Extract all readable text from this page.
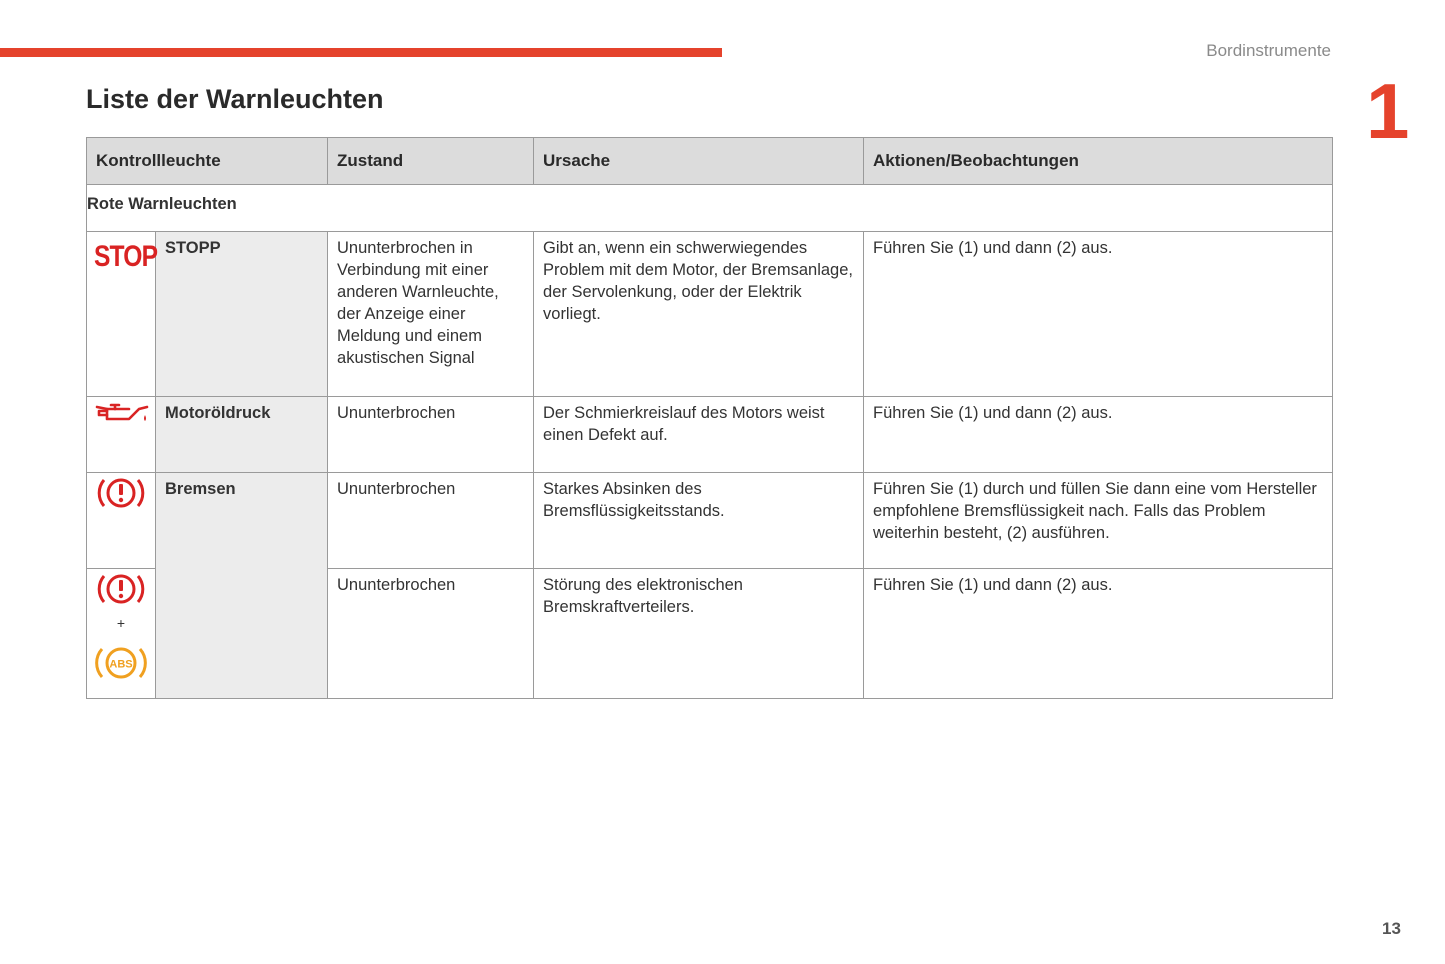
Bordinstrumente
1
Liste der Warnleuchten
Kontrollleuchte		Zustand	Ursache	Aktionen/Beobachtungen
Rote Warnleuchten				
STOP	STOPP	Ununterbrochen in Verbindung mit einer anderen Warnleuchte, der Anzeige einer Meldung und einem akustischen Signal	Gibt an, wenn ein schwerwiegendes Problem mit dem Motor, der Bremsanlage, der Servolenkung, oder der Elektrik vorliegt.	Führen Sie (1) und dann (2) aus.
	Motoröldruck	Ununterbrochen	Der Schmierkreislauf des Motors weist einen Defekt auf.	Führen Sie (1) und dann (2) aus.
	Bremsen	Ununterbrochen	Starkes Absinken des Bremsflüssigkeitsstands.	Führen Sie (1) durch und füllen Sie dann eine vom Hersteller empfohlene Bremsflüssigkeit nach. Falls das Problem weiterhin besteht, (2) ausführen.

+
ABS		Ununterbrochen	Störung des elektronischen Bremskraftverteilers.	Führen Sie (1) und dann (2) aus.
13
